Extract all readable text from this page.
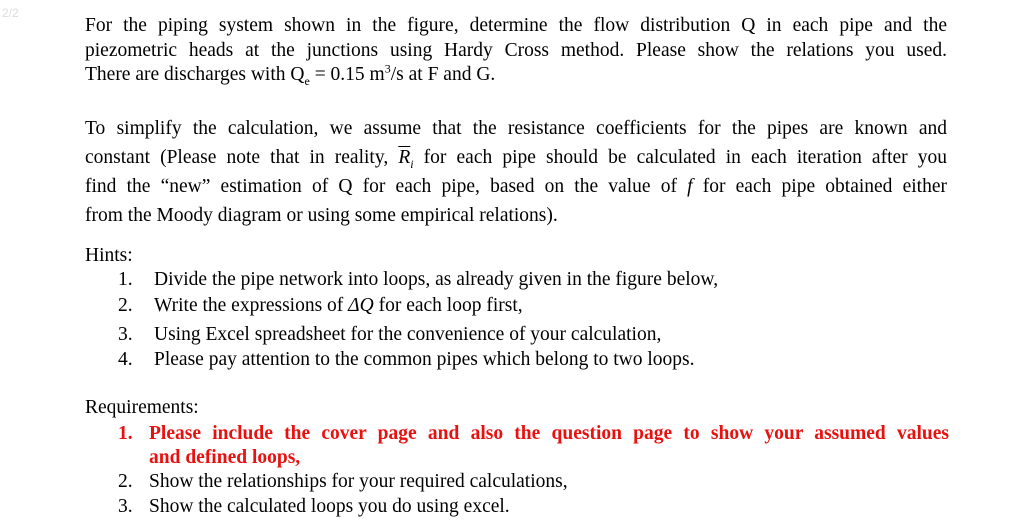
2/2
For the piping system shown in the figure, determine the flow distribution Q in each pipe and the
piezometric heads at the junctions using Hardy Cross method. Please show the relations you used.
There are discharges with $Q_e = 0.15$ $m^3/s$ at F and G.
To simplify the calculation, we assume that the resistance coefficients for the pipes are known and
constant (Please note that in reality, $\overline{R}_i$ for each pipe should be calculated in each iteration after you
find the “new” estimation of Q for each pipe, based on the value of f for each pipe obtained either
from the Moody diagram or using some empirical relations).
Hints:
1. Divide the pipe network into loops, as already given in the figure below,
2. Write the expressions of ΔQ for each loop first,
3. Using Excel spreadsheet for the convenience of your calculation,
4. Please pay attention to the common pipes which belong to two loops.
Requirements:
1. Please include the cover page and also the question page to show your assumed values
and defined loops,
2. Show the relationships for your required calculations,
3. Show the calculated loops you do using excel.
